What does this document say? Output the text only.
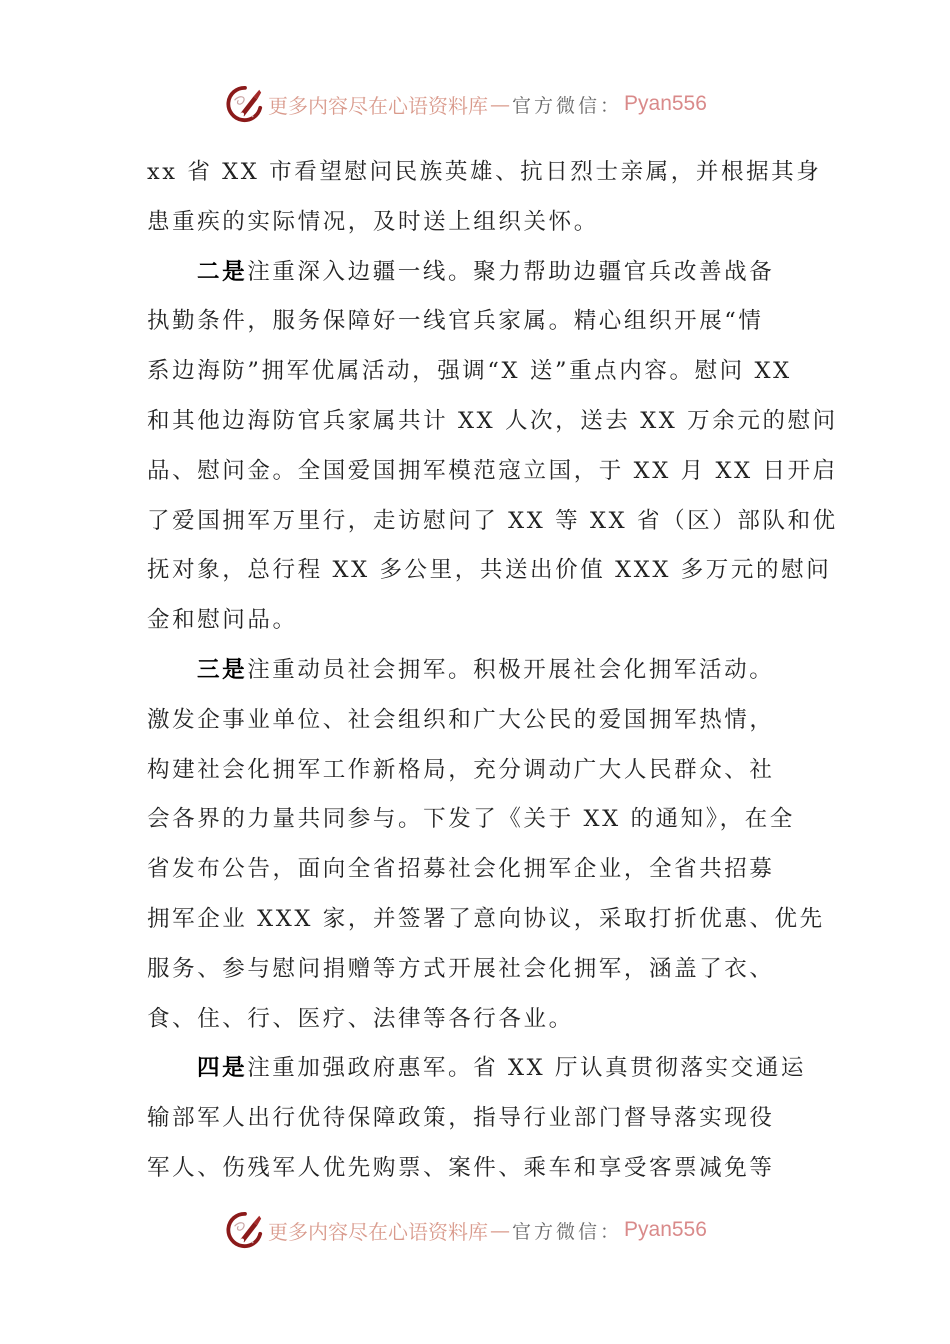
更多内容尽在心语资料库 — 官方微信： Pyan556
xx 省 XX 市看望慰问民族英雄、抗日烈士亲属，并根据其身
患重疾的实际情况，及时送上组织关怀。
二是注重深入边疆一线。聚力帮助边疆官兵改善战备
执勤条件，服务保障好一线官兵家属。精心组织开展“情
系边海防”拥军优属活动，强调“X 送”重点内容。慰问 XX
和其他边海防官兵家属共计 XX 人次，送去 XX 万余元的慰问
品、慰问金。全国爱国拥军模范寇立国，于 XX 月 XX 日开启
了爱国拥军万里行，走访慰问了 XX 等 XX 省（区）部队和优
抚对象，总行程 XX 多公里，共送出价值 XXX 多万元的慰问
金和慰问品。
三是注重动员社会拥军。积极开展社会化拥军活动。
激发企事业单位、社会组织和广大公民的爱国拥军热情，
构建社会化拥军工作新格局，充分调动广大人民群众、社
会各界的力量共同参与。下发了《关于 XX 的通知》，在全
省发布公告，面向全省招募社会化拥军企业，全省共招募
拥军企业 XXX 家，并签署了意向协议，采取打折优惠、优先
服务、参与慰问捐赠等方式开展社会化拥军，涵盖了衣、
食、住、行、医疗、法律等各行各业。
四是注重加强政府惠军。省 XX 厅认真贯彻落实交通运
输部军人出行优待保障政策，指导行业部门督导落实现役
军人、伤残军人优先购票、案件、乘车和享受客票减免等
更多内容尽在心语资料库 — 官方微信： Pyan556
